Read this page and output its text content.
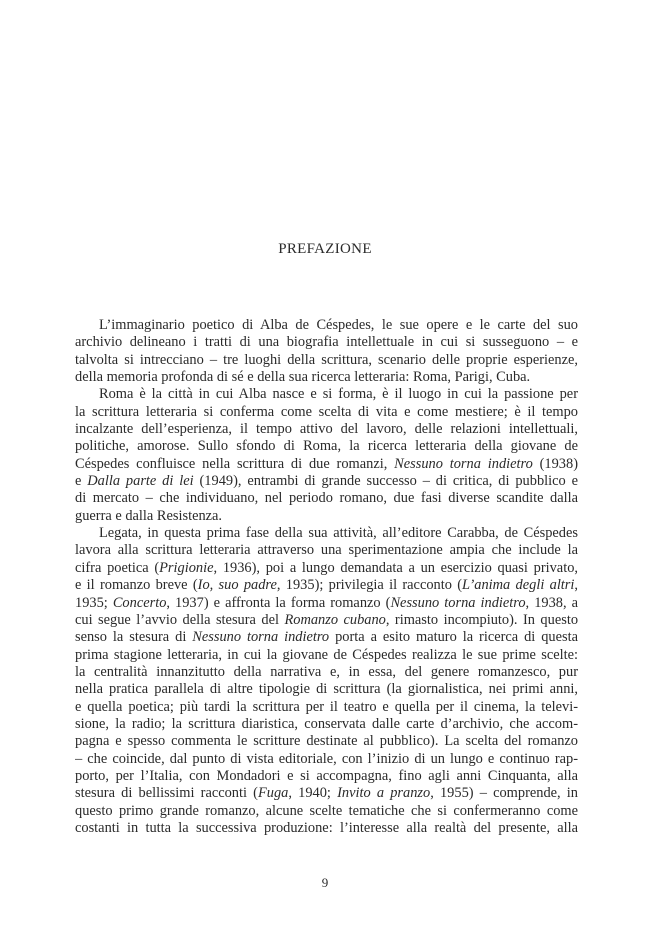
PREFAZIONE
L’immaginario poetico di Alba de Céspedes, le sue opere e le carte del suo
archivio delineano i tratti di una biografia intellettuale in cui si susseguono – e
talvolta si intrecciano – tre luoghi della scrittura, scenario delle proprie esperienze,
della memoria profonda di sé e della sua ricerca letteraria: Roma, Parigi, Cuba.
Roma è la città in cui Alba nasce e si forma, è il luogo in cui la passione per
la scrittura letteraria si conferma come scelta di vita e come mestiere; è il tempo
incalzante dell’esperienza, il tempo attivo del lavoro, delle relazioni intellettuali,
politiche, amorose. Sullo sfondo di Roma, la ricerca letteraria della giovane de
Céspedes confluisce nella scrittura di due romanzi, Nessuno torna indietro (1938)
e Dalla parte di lei (1949), entrambi di grande successo – di critica, di pubblico e
di mercato – che individuano, nel periodo romano, due fasi diverse scandite dalla
guerra e dalla Resistenza.
Legata, in questa prima fase della sua attività, all’editore Carabba, de Céspedes
lavora alla scrittura letteraria attraverso una sperimentazione ampia che include la
cifra poetica (Prigionie, 1936), poi a lungo demandata a un esercizio quasi privato,
e il romanzo breve (Io, suo padre, 1935); privilegia il racconto (L’anima degli altri,
1935; Concerto, 1937) e affronta la forma romanzo (Nessuno torna indietro, 1938, a
cui segue l’avvio della stesura del Romanzo cubano, rimasto incompiuto). In questo
senso la stesura di Nessuno torna indietro porta a esito maturo la ricerca di questa
prima stagione letteraria, in cui la giovane de Céspedes realizza le sue prime scelte:
la centralità innanzitutto della narrativa e, in essa, del genere romanzesco, pur
nella pratica parallela di altre tipologie di scrittura (la giornalistica, nei primi anni,
e quella poetica; più tardi la scrittura per il teatro e quella per il cinema, la televi-
sione, la radio; la scrittura diaristica, conservata dalle carte d’archivio, che accom-
pagna e spesso commenta le scritture destinate al pubblico). La scelta del romanzo
– che coincide, dal punto di vista editoriale, con l’inizio di un lungo e continuo rap-
porto, per l’Italia, con Mondadori e si accompagna, fino agli anni Cinquanta, alla
stesura di bellissimi racconti (Fuga, 1940; Invito a pranzo, 1955) – comprende, in
questo primo grande romanzo, alcune scelte tematiche che si confermeranno come
costanti in tutta la successiva produzione: l’interesse alla realtà del presente, alla
9
